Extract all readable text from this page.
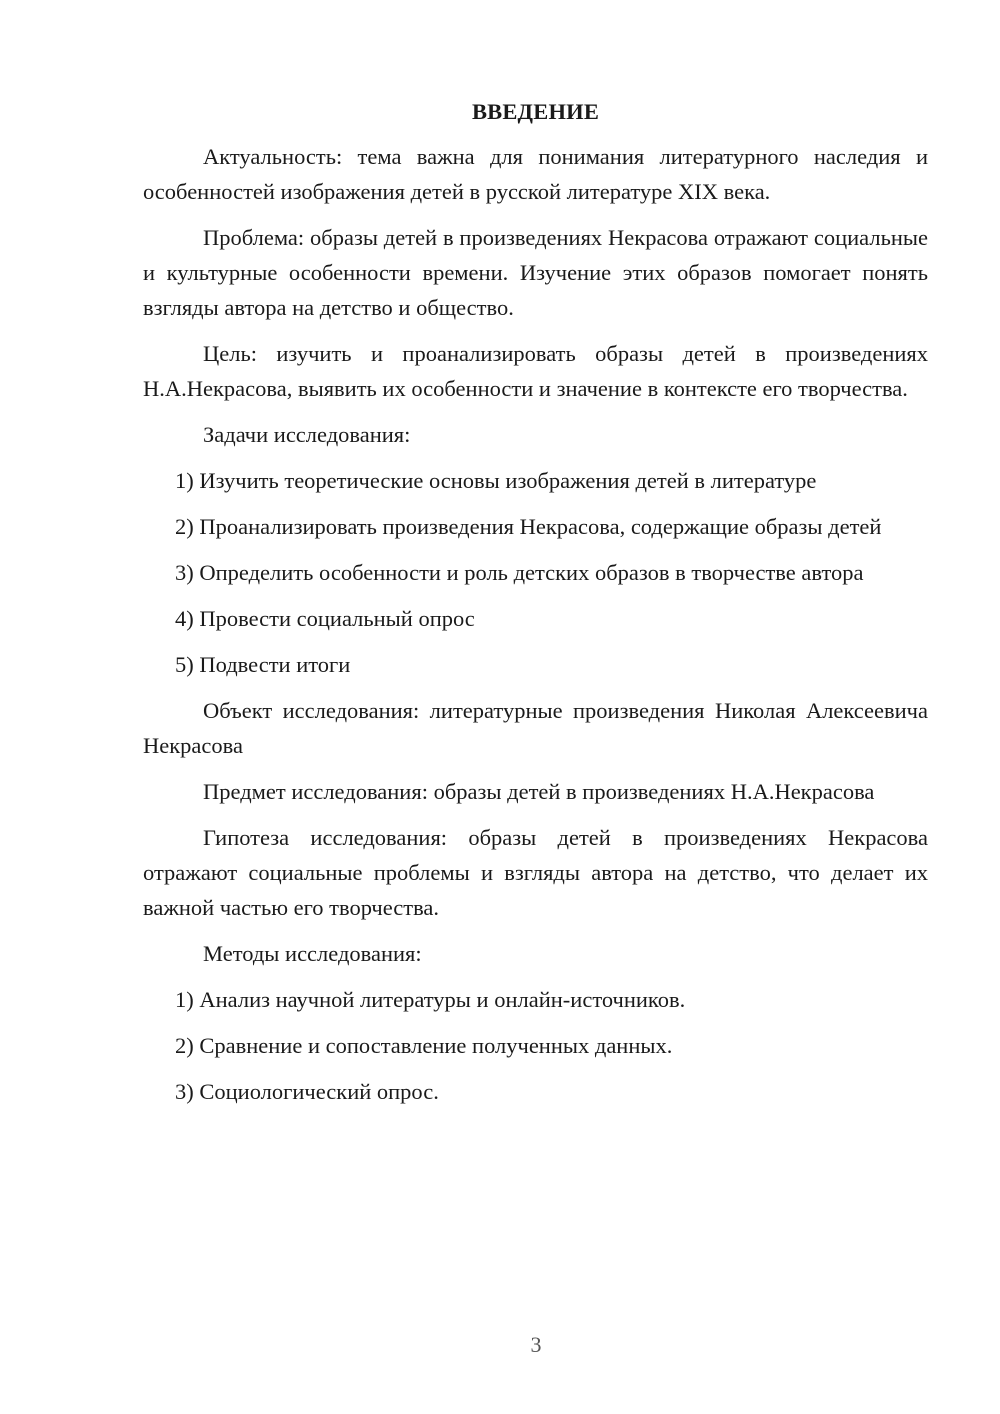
ВВЕДЕНИЕ

Актуальность: тема важна для понимания литературного наследия и особенностей изображения детей в русской литературе XIX века.

Проблема: образы детей в произведениях Некрасова отражают социальные и культурные особенности времени. Изучение этих образов помогает понять взгляды автора на детство и общество.

Цель: изучить и проанализировать образы детей в произведениях Н.А.Некрасова, выявить их особенности и значение в контексте его творчества.

Задачи исследования:

1) Изучить теоретические основы изображения детей в литературе

2) Проанализировать произведения Некрасова, содержащие образы детей

3) Определить особенности и роль детских образов в творчестве автора

4) Провести социальный опрос

5) Подвести итоги

Объект исследования: литературные произведения Николая Алексеевича Некрасова

Предмет исследования: образы детей в произведениях Н.А.Некрасова

Гипотеза исследования: образы детей в произведениях Некрасова отражают социальные проблемы и взгляды автора на детство, что делает их важной частью его творчества.

Методы исследования:

1) Анализ научной литературы и онлайн-источников.

2) Сравнение и сопоставление полученных данных.

3) Социологический опрос.

3
